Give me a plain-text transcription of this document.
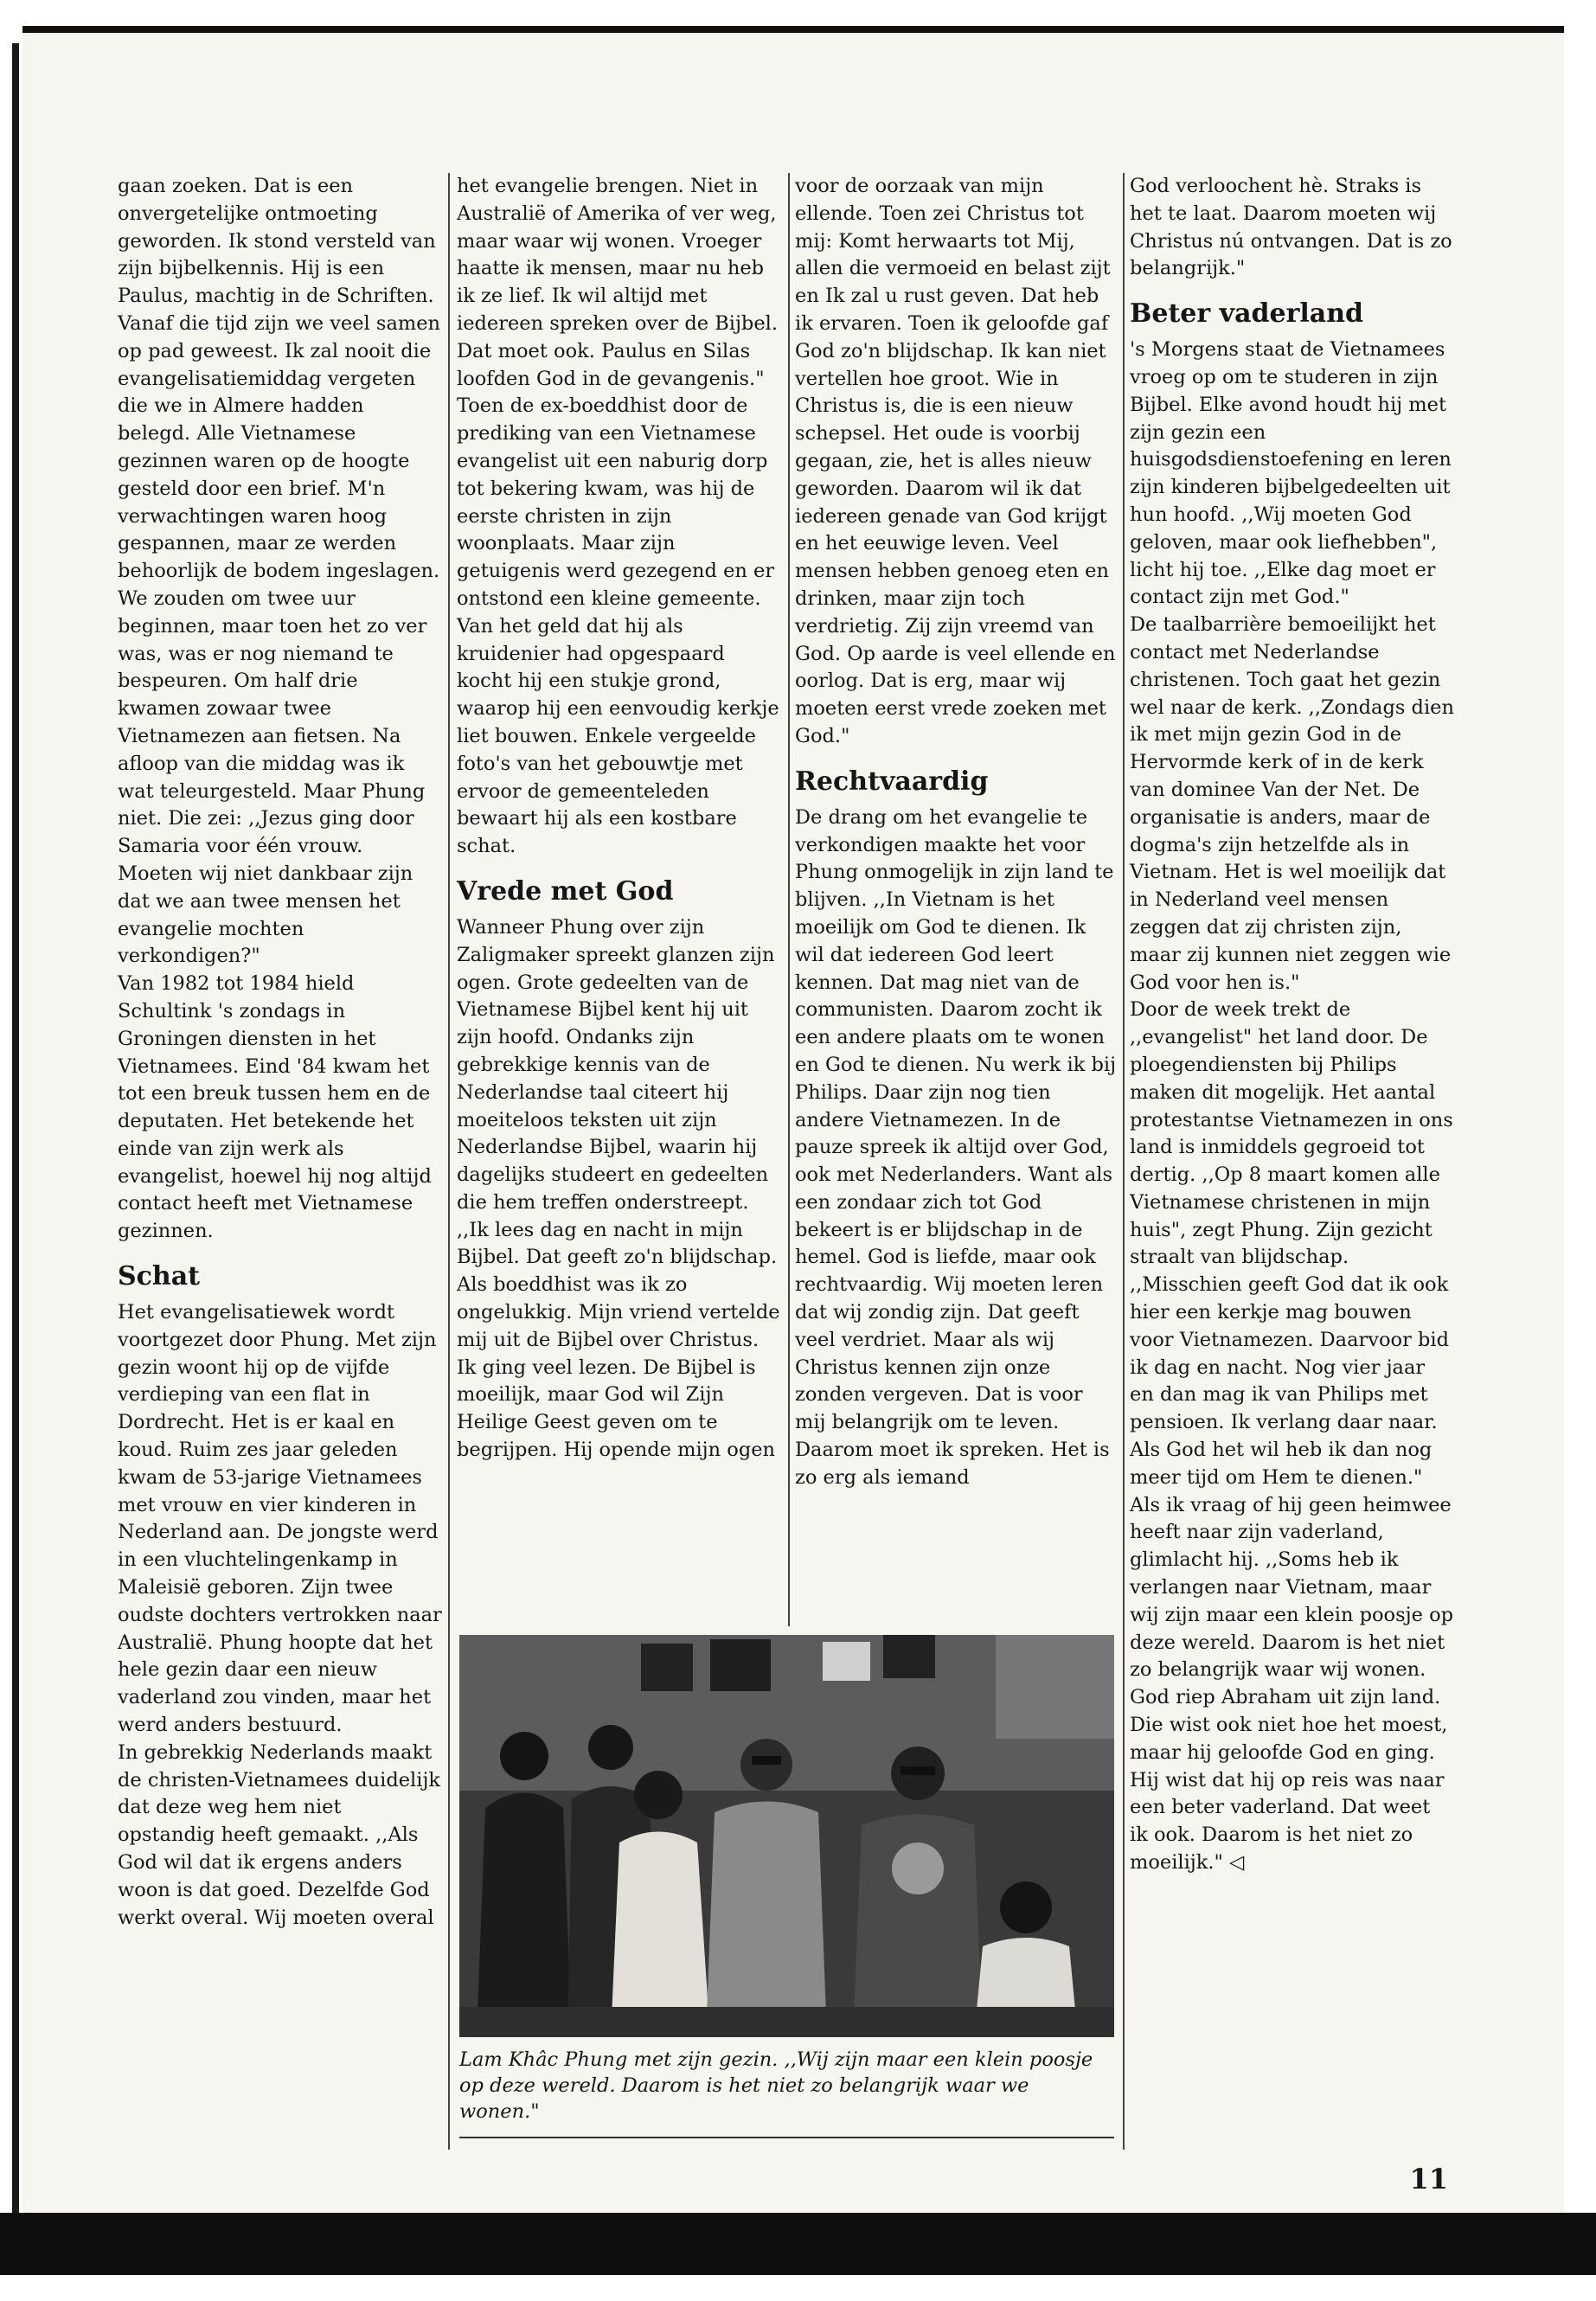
gaan zoeken. Dat is een onvergetelijke ontmoeting geworden. Ik stond versteld van zijn bijbelkennis. Hij is een Paulus, machtig in de Schriften.

Vanaf die tijd zijn we veel samen op pad geweest. Ik zal nooit die evangelisatiemiddag vergeten die we in Almere hadden belegd. Alle Vietnamese gezinnen waren op de hoogte gesteld door een brief. M'n verwachtingen waren hoog gespannen, maar ze werden behoorlijk de bodem ingeslagen. We zouden om twee uur beginnen, maar toen het zo ver was, was er nog niemand te bespeuren. Om half drie kwamen zowaar twee Vietnamezen aan fietsen. Na afloop van die middag was ik wat teleurgesteld. Maar Phung niet. Die zei: ,,Jezus ging door Samaria voor één vrouw. Moeten wij niet dankbaar zijn dat we aan twee mensen het evangelie mochten verkondigen?"

Van 1982 tot 1984 hield Schultink 's zondags in Groningen diensten in het Vietnamees. Eind '84 kwam het tot een breuk tussen hem en de deputaten. Het betekende het einde van zijn werk als evangelist, hoewel hij nog altijd contact heeft met Vietnamese gezinnen.

Schat

Het evangelisatiewek wordt voortgezet door Phung. Met zijn gezin woont hij op de vijfde verdieping van een flat in Dordrecht. Het is er kaal en koud. Ruim zes jaar geleden kwam de 53-jarige Vietnamees met vrouw en vier kinderen in Nederland aan. De jongste werd in een vluchtelingenkamp in Maleisië geboren. Zijn twee oudste dochters vertrokken naar Australië. Phung hoopte dat het hele gezin daar een nieuw vaderland zou vinden, maar het werd anders bestuurd.

In gebrekkig Nederlands maakt de christen-Vietnamees duidelijk dat deze weg hem niet opstandig heeft gemaakt. ,,Als God wil dat ik ergens anders woon is dat goed. Dezelfde God werkt overal. Wij moeten overal

het evangelie brengen. Niet in Australië of Amerika of ver weg, maar waar wij wonen. Vroeger haatte ik mensen, maar nu heb ik ze lief. Ik wil altijd met iedereen spreken over de Bijbel. Dat moet ook. Paulus en Silas loofden God in de gevangenis."

Toen de ex-boeddhist door de prediking van een Vietnamese evangelist uit een naburig dorp tot bekering kwam, was hij de eerste christen in zijn woonplaats. Maar zijn getuigenis werd gezegend en er ontstond een kleine gemeente. Van het geld dat hij als kruidenier had opgespaard kocht hij een stukje grond, waarop hij een eenvoudig kerkje liet bouwen. Enkele vergeelde foto's van het gebouwtje met ervoor de gemeenteleden bewaart hij als een kostbare schat.

Vrede met God

Wanneer Phung over zijn Zaligmaker spreekt glanzen zijn ogen. Grote gedeelten van de Vietnamese Bijbel kent hij uit zijn hoofd. Ondanks zijn gebrekkige kennis van de Nederlandse taal citeert hij moeiteloos teksten uit zijn Nederlandse Bijbel, waarin hij dagelijks studeert en gedeelten die hem treffen onderstreept.

,,Ik lees dag en nacht in mijn Bijbel. Dat geeft zo'n blijdschap. Als boeddhist was ik zo ongelukkig. Mijn vriend vertelde mij uit de Bijbel over Christus. Ik ging veel lezen. De Bijbel is moeilijk, maar God wil Zijn Heilige Geest geven om te begrijpen. Hij opende mijn ogen

voor de oorzaak van mijn ellende. Toen zei Christus tot mij: Komt herwaarts tot Mij, allen die vermoeid en belast zijt en Ik zal u rust geven. Dat heb ik ervaren. Toen ik geloofde gaf God zo'n blijdschap. Ik kan niet vertellen hoe groot. Wie in Christus is, die is een nieuw schepsel. Het oude is voorbij gegaan, zie, het is alles nieuw geworden. Daarom wil ik dat iedereen genade van God krijgt en het eeuwige leven. Veel mensen hebben genoeg eten en drinken, maar zijn toch verdrietig. Zij zijn vreemd van God. Op aarde is veel ellende en oorlog. Dat is erg, maar wij moeten eerst vrede zoeken met God."

Rechtvaardig

De drang om het evangelie te verkondigen maakte het voor Phung onmogelijk in zijn land te blijven. ,,In Vietnam is het moeilijk om God te dienen. Ik wil dat iedereen God leert kennen. Dat mag niet van de communisten. Daarom zocht ik een andere plaats om te wonen en God te dienen. Nu werk ik bij Philips. Daar zijn nog tien andere Vietnamezen. In de pauze spreek ik altijd over God, ook met Nederlanders. Want als een zondaar zich tot God bekeert is er blijdschap in de hemel. God is liefde, maar ook rechtvaardig. Wij moeten leren dat wij zondig zijn. Dat geeft veel verdriet. Maar als wij Christus kennen zijn onze zonden vergeven. Dat is voor mij belangrijk om te leven. Daarom moet ik spreken. Het is zo erg als iemand

God verloochent hè. Straks is het te laat. Daarom moeten wij Christus nú ontvangen. Dat is zo belangrijk."

Beter vaderland

's Morgens staat de Vietnamees vroeg op om te studeren in zijn Bijbel. Elke avond houdt hij met zijn gezin een huisgodsdienstoefening en leren zijn kinderen bijbelgedeelten uit hun hoofd. ,,Wij moeten God geloven, maar ook liefhebben", licht hij toe. ,,Elke dag moet er contact zijn met God."

De taalbarrière bemoeilijkt het contact met Nederlandse christenen. Toch gaat het gezin wel naar de kerk. ,,Zondags dien ik met mijn gezin God in de Hervormde kerk of in de kerk van dominee Van der Net. De organisatie is anders, maar de dogma's zijn hetzelfde als in Vietnam. Het is wel moeilijk dat in Nederland veel mensen zeggen dat zij christen zijn, maar zij kunnen niet zeggen wie God voor hen is."

Door de week trekt de ,,evangelist" het land door. De ploegendiensten bij Philips maken dit mogelijk. Het aantal protestantse Vietnamezen in ons land is inmiddels gegroeid tot dertig. ,,Op 8 maart komen alle Vietnamese christenen in mijn huis", zegt Phung. Zijn gezicht straalt van blijdschap. ,,Misschien geeft God dat ik ook hier een kerkje mag bouwen voor Vietnamezen. Daarvoor bid ik dag en nacht. Nog vier jaar en dan mag ik van Philips met pensioen. Ik verlang daar naar. Als God het wil heb ik dan nog meer tijd om Hem te dienen."

Als ik vraag of hij geen heimwee heeft naar zijn vaderland, glimlacht hij. ,,Soms heb ik verlangen naar Vietnam, maar wij zijn maar een klein poosje op deze wereld. Daarom is het niet zo belangrijk waar wij wonen. God riep Abraham uit zijn land. Die wist ook niet hoe het moest, maar hij geloofde God en ging. Hij wist dat hij op reis was naar een beter vaderland. Dat weet ik ook. Daarom is het niet zo moeilijk." ◁

Lam Khâc Phung met zijn gezin. ,,Wij zijn maar een klein poosje op deze wereld. Daarom is het niet zo belangrijk waar we wonen."
11
